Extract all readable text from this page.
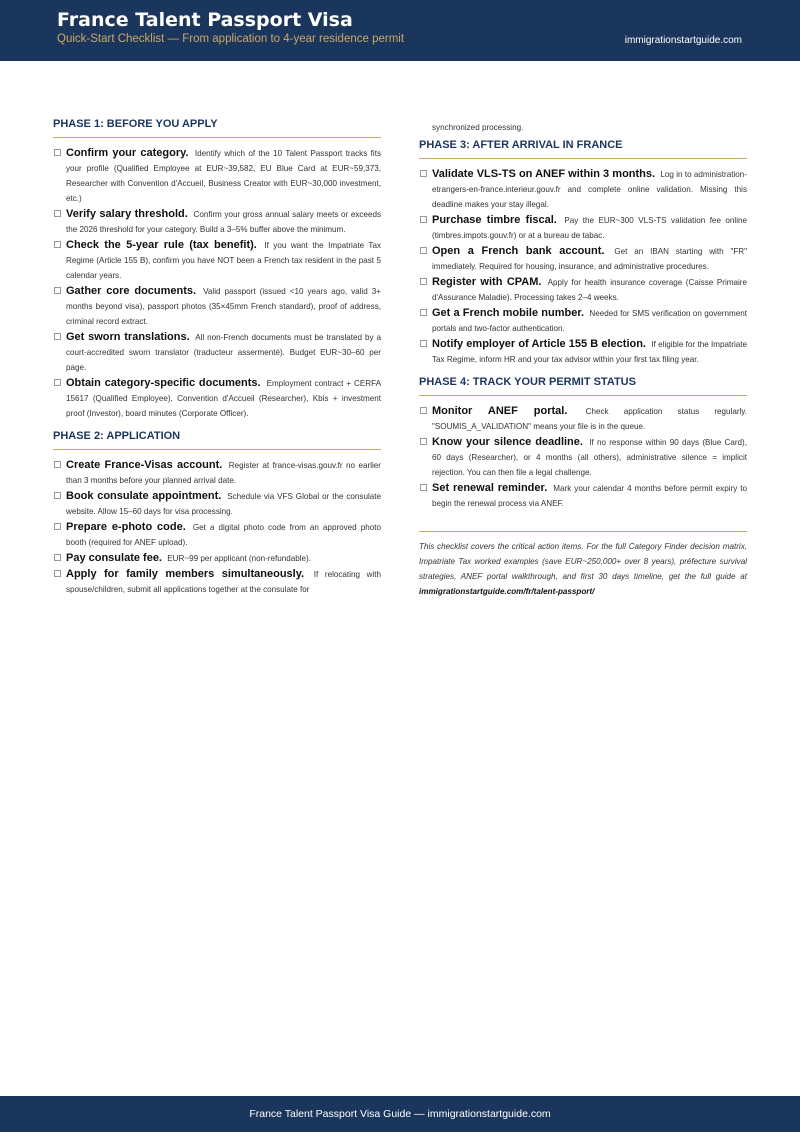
France Talent Passport Visa
Quick-Start Checklist — From application to 4-year residence permit	immigrationstartguide.com
PHASE 1: BEFORE YOU APPLY
Confirm your category. Identify which of the 10 Talent Passport tracks fits your profile (Qualified Employee at EUR~39,582, EU Blue Card at EUR~59,373, Researcher with Convention d'Accueil, Business Creator with EUR~30,000 investment, etc.)
Verify salary threshold. Confirm your gross annual salary meets or exceeds the 2026 threshold for your category. Build a 3–5% buffer above the minimum.
Check the 5-year rule (tax benefit). If you want the Impatriate Tax Regime (Article 155 B), confirm you have NOT been a French tax resident in the past 5 calendar years.
Gather core documents. Valid passport (issued <10 years ago, valid 3+ months beyond visa), passport photos (35×45mm French standard), proof of address, criminal record extract.
Get sworn translations. All non-French documents must be translated by a court-accredited sworn translator (traducteur assermenté). Budget EUR~30–60 per page.
Obtain category-specific documents. Employment contract + CERFA 15617 (Qualified Employee), Convention d'Accueil (Researcher), Kbis + investment proof (Investor), board minutes (Corporate Officer).
PHASE 2: APPLICATION
Create France-Visas account. Register at france-visas.gouv.fr no earlier than 3 months before your planned arrival date.
Book consulate appointment. Schedule via VFS Global or the consulate website. Allow 15–60 days for visa processing.
Prepare e-photo code. Get a digital photo code from an approved photo booth (required for ANEF upload).
Pay consulate fee. EUR~99 per applicant (non-refundable).
Apply for family members simultaneously. If relocating with spouse/children, submit all applications together at the consulate for
synchronized processing.
PHASE 3: AFTER ARRIVAL IN FRANCE
Validate VLS-TS on ANEF within 3 months. Log in to administration-etrangers-en-france.interieur.gouv.fr and complete online validation. Missing this deadline makes your stay illegal.
Purchase timbre fiscal. Pay the EUR~300 VLS-TS validation fee online (timbres.impots.gouv.fr) or at a bureau de tabac.
Open a French bank account. Get an IBAN starting with "FR" immediately. Required for housing, insurance, and administrative procedures.
Register with CPAM. Apply for health insurance coverage (Caisse Primaire d'Assurance Maladie). Processing takes 2–4 weeks.
Get a French mobile number. Needed for SMS verification on government portals and two-factor authentication.
Notify employer of Article 155 B election. If eligible for the Impatriate Tax Regime, inform HR and your tax advisor within your first tax filing year.
PHASE 4: TRACK YOUR PERMIT STATUS
Monitor ANEF portal. Check application status regularly. "SOUMIS_A_VALIDATION" means your file is in the queue.
Know your silence deadline. If no response within 90 days (Blue Card), 60 days (Researcher), or 4 months (all others), administrative silence = implicit rejection. You can then file a legal challenge.
Set renewal reminder. Mark your calendar 4 months before permit expiry to begin the renewal process via ANEF.
This checklist covers the critical action items. For the full Category Finder decision matrix, Impatriate Tax worked examples (save EUR~250,000+ over 8 years), préfecture survival strategies, ANEF portal walkthrough, and first 30 days timeline, get the full guide at immigrationstartguide.com/fr/talent-passport/
France Talent Passport Visa Guide — immigrationstartguide.com
